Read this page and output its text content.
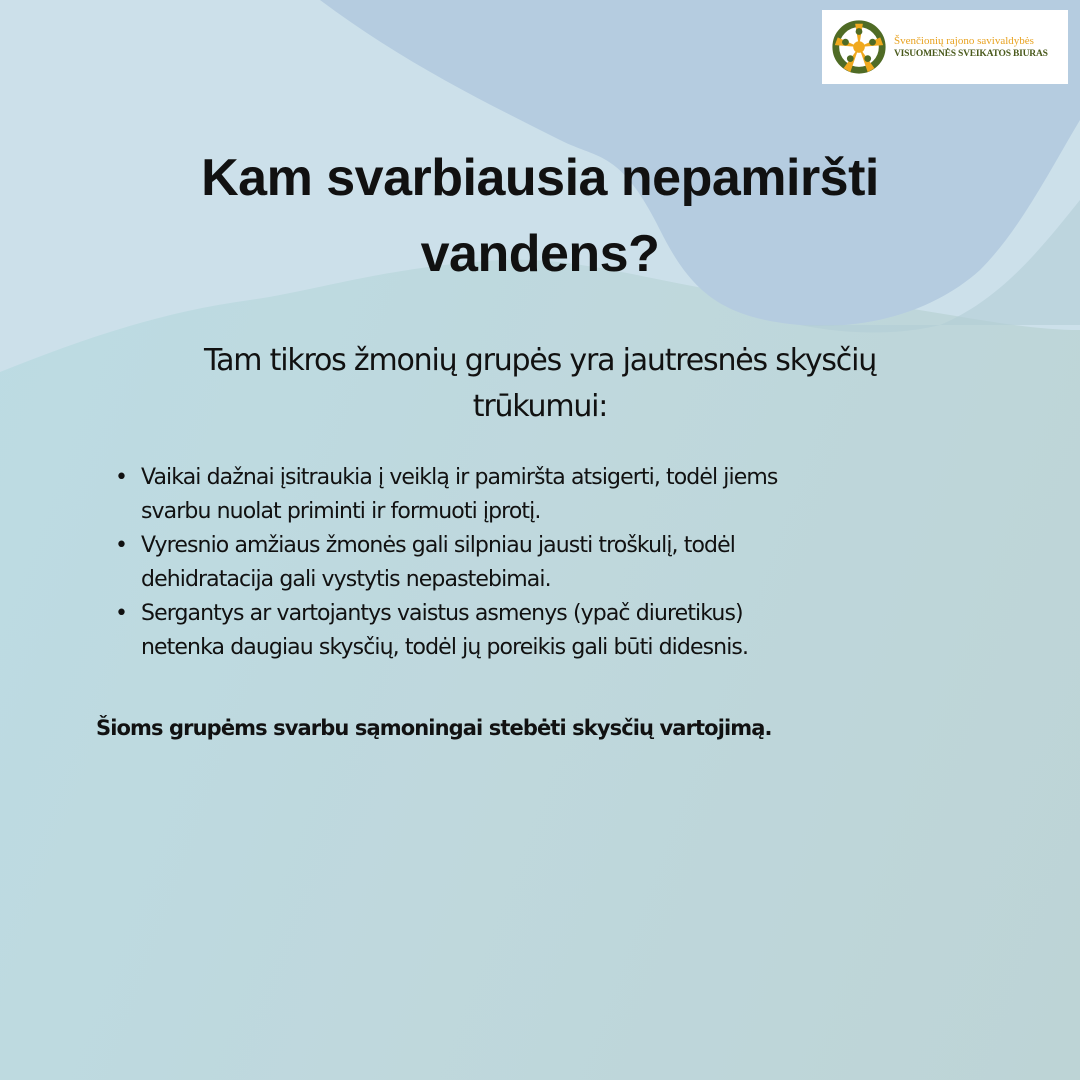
Švenčionių rajono savivaldybės
VISUOMENĖS SVEIKATOS BIURAS
Kam svarbiausia nepamiršti
vandens?
Tam tikros žmonių grupės yra jautresnės skysčių
trūkumui:
• Vaikai dažnai įsitraukia į veiklą ir pamiršta atsigerti, todėl jiems
svarbu nuolat priminti ir formuoti įprotį.
• Vyresnio amžiaus žmonės gali silpniau jausti troškulį, todėl
dehidratacija gali vystytis nepastebimai.
• Sergantys ar vartojantys vaistus asmenys (ypač diuretikus)
netenka daugiau skysčių, todėl jų poreikis gali būti didesnis.
Šioms grupėms svarbu sąmoningai stebėti skysčių vartojimą.
